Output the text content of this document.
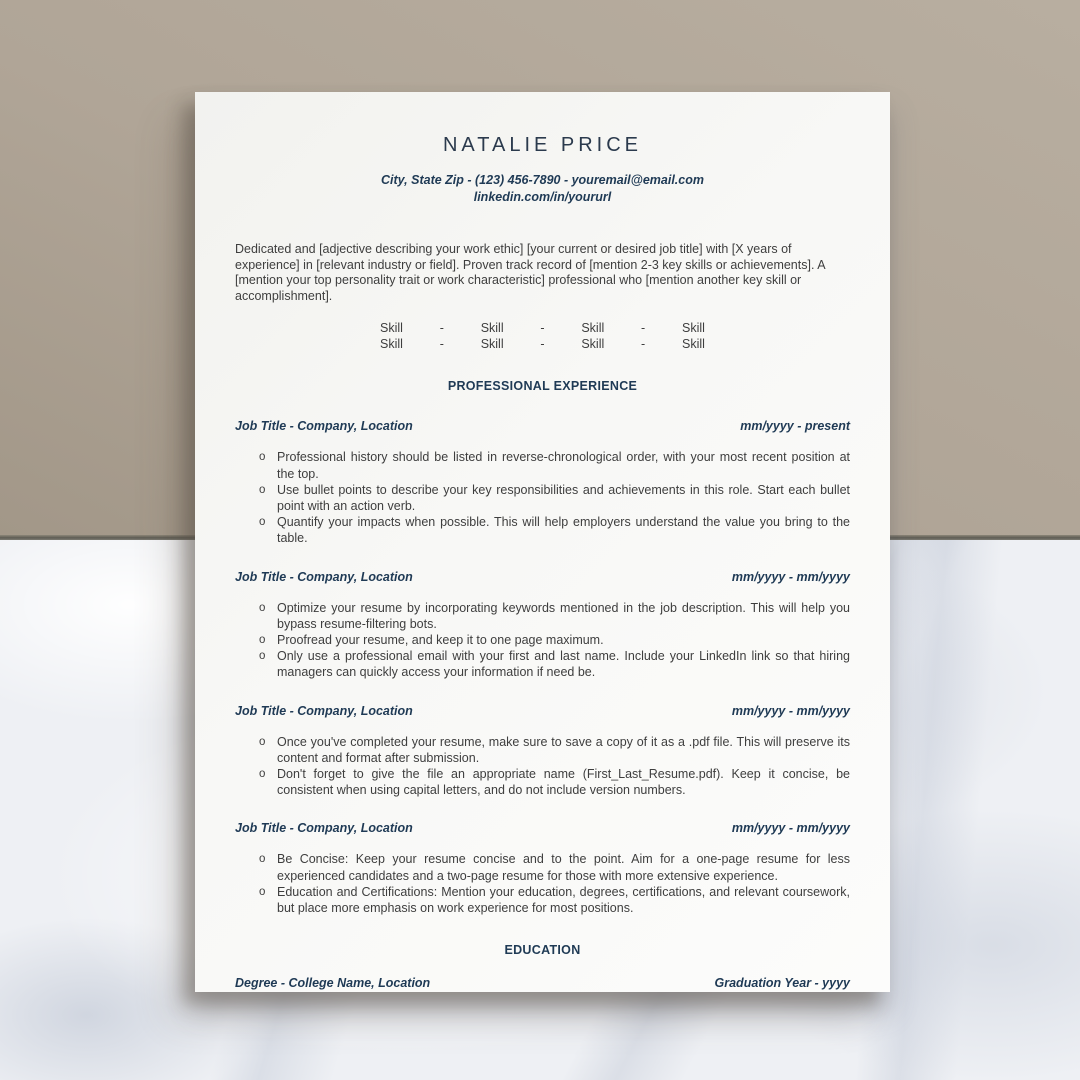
NATALIE PRICE
City, State Zip - (123) 456-7890 - youremail@email.com
linkedin.com/in/yoururl

Dedicated and [adjective describing your work ethic] [your current or desired job title] with [X years of experience] in [relevant industry or field]. Proven track record of [mention 2-3 key skills or achievements]. A [mention your top personality trait or work characteristic] professional who [mention another key skill or accomplishment].

Skill	-	Skill	-	Skill	-	Skill
Skill	-	Skill	-	Skill	-	Skill
PROFESSIONAL EXPERIENCE
Job Title - Company, Location	mm/yyyy - present
o Professional history should be listed in reverse-chronological order, with your most recent position at the top.
o Use bullet points to describe your key responsibilities and achievements in this role. Start each bullet point with an action verb.
o Quantify your impacts when possible. This will help employers understand the value you bring to the table.
Job Title - Company, Location	mm/yyyy - mm/yyyy
o Optimize your resume by incorporating keywords mentioned in the job description. This will help you bypass resume-filtering bots.
o Proofread your resume, and keep it to one page maximum.
o Only use a professional email with your first and last name. Include your LinkedIn link so that hiring managers can quickly access your information if need be.
Job Title - Company, Location	mm/yyyy - mm/yyyy
o Once you've completed your resume, make sure to save a copy of it as a .pdf file. This will preserve its content and format after submission.
o Don't forget to give the file an appropriate name (First_Last_Resume.pdf). Keep it concise, be consistent when using capital letters, and do not include version numbers.
Job Title - Company, Location	mm/yyyy - mm/yyyy
o Be Concise: Keep your resume concise and to the point. Aim for a one-page resume for less experienced candidates and a two-page resume for those with more extensive experience.
o Education and Certifications: Mention your education, degrees, certifications, and relevant coursework, but place more emphasis on work experience for most positions.
EDUCATION
Degree - College Name, Location	Graduation Year - yyyy
